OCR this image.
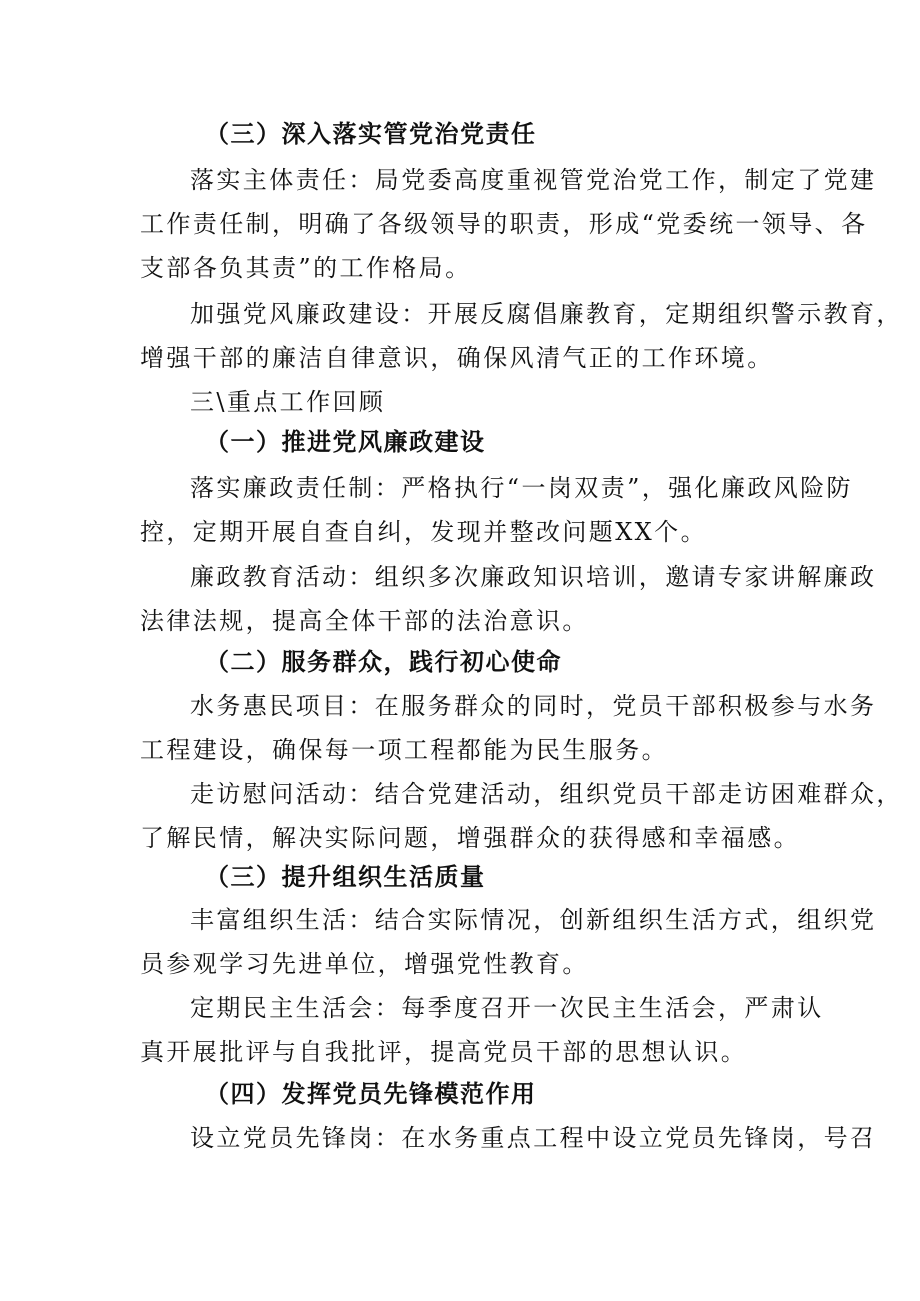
（三）深入落实管党治党责任
落实主体责任：局党委高度重视管党治党工作，制定了党建
工作责任制，明确了各级领导的职责，形成“党委统一领导、各
支部各负其责”的工作格局。
加强党风廉政建设：开展反腐倡廉教育，定期组织警示教育，
增强干部的廉洁自律意识，确保风清气正的工作环境。
三\重点工作回顾
（一）推进党风廉政建设
落实廉政责任制：严格执行“一岗双责”，强化廉政风险防
控，定期开展自查自纠，发现并整改问题XX个。
廉政教育活动：组织多次廉政知识培训，邀请专家讲解廉政
法律法规，提高全体干部的法治意识。
（二）服务群众，践行初心使命
水务惠民项目：在服务群众的同时，党员干部积极参与水务
工程建设，确保每一项工程都能为民生服务。
走访慰问活动：结合党建活动，组织党员干部走访困难群众，
了解民情，解决实际问题，增强群众的获得感和幸福感。
（三）提升组织生活质量
丰富组织生活：结合实际情况，创新组织生活方式，组织党
员参观学习先进单位，增强党性教育。
定期民主生活会：每季度召开一次民主生活会，严肃认
真开展批评与自我批评，提高党员干部的思想认识。
（四）发挥党员先锋模范作用
设立党员先锋岗：在水务重点工程中设立党员先锋岗，号召
